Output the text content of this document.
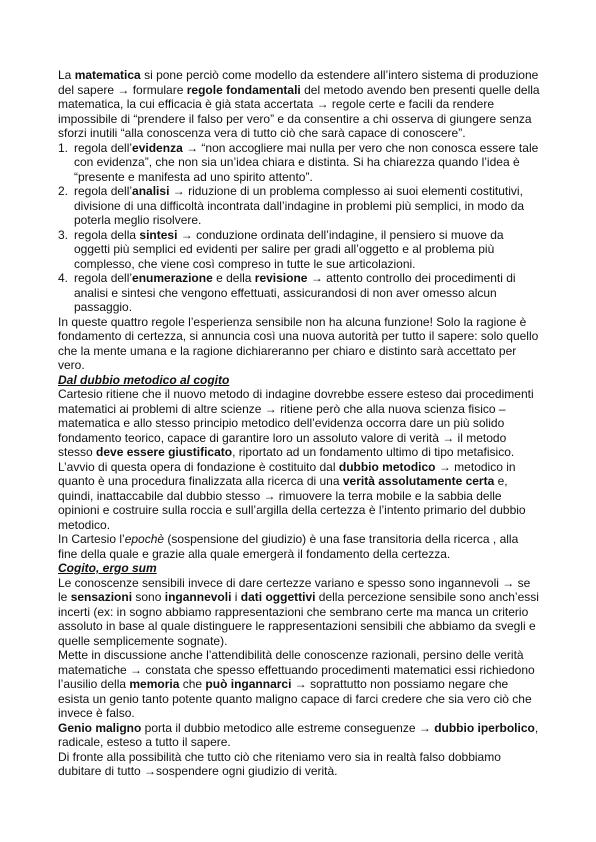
La matematica si pone perciò come modello da estendere all’intero sistema di produzione del sapere → formulare regole fondamentali del metodo avendo ben presenti quelle della matematica, la cui efficacia è già stata accertata → regole certe e facili da rendere impossibile di “prendere il falso per vero” e da consentire a chi osserva di giungere senza sforzi inutili “alla conoscenza vera di tutto ciò che sarà capace di conoscere”.

1. regola dell’evidenza → “non accogliere mai nulla per vero che non conosca essere tale con evidenza”, che non sia un’idea chiara e distinta. Si ha chiarezza quando l’idea è “presente e manifesta ad uno spirito attento”.
2. regola dell’analisi → riduzione di un problema complesso ai suoi elementi costitutivi, divisione di una difficoltà incontrata dall’indagine in problemi più semplici, in modo da poterla meglio risolvere.
3. regola della sintesi → conduzione ordinata dell’indagine, il pensiero si muove da oggetti più semplici ed evidenti per salire per gradi all’oggetto e al problema più complesso, che viene così compreso in tutte le sue articolazioni.
4. regola dell’enumerazione e della revisione → attento controllo dei procedimenti di analisi e sintesi che vengono effettuati, assicurandosi di non aver omesso alcun passaggio.

In queste quattro regole l’esperienza sensibile non ha alcuna funzione! Solo la ragione è fondamento di certezza, si annuncia così una nuova autorità per tutto il sapere: solo quello che la mente umana e la ragione dichiareranno per chiaro e distinto sarà accettato per vero.

Dal dubbio metodico al cogito

Cartesio ritiene che il nuovo metodo di indagine dovrebbe essere esteso dai procedimenti matematici ai problemi di altre scienze → ritiene però che alla nuova scienza fisico – matematica e allo stesso principio metodico dell’evidenza occorra dare un più solido fondamento teorico, capace di garantire loro un assoluto valore di verità → il metodo stesso deve essere giustificato, riportato ad un fondamento ultimo di tipo metafisico.

L’avvio di questa opera di fondazione è costituito dal dubbio metodico → metodico in quanto è una procedura finalizzata alla ricerca di una verità assolutamente certa e, quindi, inattaccabile dal dubbio stesso → rimuovere la terra mobile e la sabbia delle opinioni e costruire sulla roccia e sull’argilla della certezza è l’intento primario del dubbio metodico.

In Cartesio l’epochè (sospensione del giudizio) è una fase transitoria della ricerca , alla fine della quale e grazie alla quale emergerà il fondamento della certezza.

Cogito, ergo sum

Le conoscenze sensibili invece di dare certezze variano e spesso sono ingannevoli → se le sensazioni sono ingannevoli i dati oggettivi della percezione sensibile sono anch’essi incerti (ex: in sogno abbiamo rappresentazioni che sembrano certe ma manca un criterio assoluto in base al quale distinguere le rappresentazioni sensibili che abbiamo da svegli e quelle semplicemente sognate).

Mette in discussione anche l’attendibilità delle conoscenze razionali, persino delle verità matematiche → constata che spesso effettuando procedimenti matematici essi richiedono l’ausilio della memoria che può ingannarci → soprattutto non possiamo negare che esista un genio tanto potente quanto maligno capace di farci credere che sia vero ciò che invece è falso.

Genio maligno porta il dubbio metodico alle estreme conseguenze → dubbio iperbolico, radicale, esteso a tutto il sapere.

Di fronte alla possibilità che tutto ciò che riteniamo vero sia in realtà falso dobbiamo dubitare di tutto →sospendere ogni giudizio di verità.
